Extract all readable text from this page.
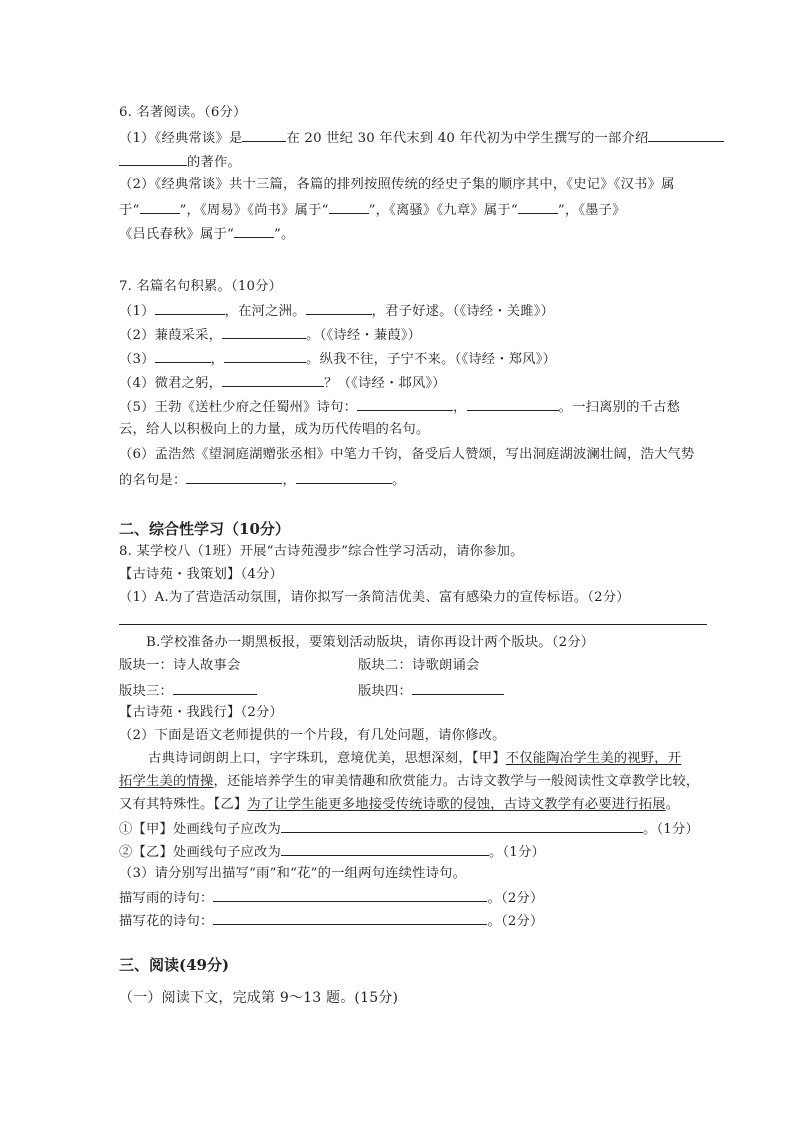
6. 名著阅读。（6分）
（1）《经典常谈》是	在 20 世纪 30 年代末到 40 年代初为中学生撰写的一部介绍
的著作。
（2）《经典常谈》共十三篇，各篇的排列按照传统的经史子集的顺序其中，《史记》《汉书》属
于“	”，《周易》《尚书》属于“	”，《离骚》《九章》属于“	”，《墨子》
《吕氏春秋》属于“	”。
7. 名篇名句积累。（10分）
（1）	，在河之洲。	，君子好逑。（《诗经・关雎》）
（2）蒹葭采采，	。（《诗经・蒹葭》）
（3）	，	。纵我不往，子宁不来。（《诗经・郑风》）
（4）微君之躬，	？（《诗经・邶风》）
（5）王勃《送杜少府之任蜀州》诗句：	，	。一扫离别的千古愁
云，给人以积极向上的力量，成为历代传唱的名句。
（6）孟浩然《望洞庭湖赠张丞相》中笔力千钧，备受后人赞颂，写出洞庭湖波澜壮阔，浩大气势
的名句是：	，	。
二、综合性学习（10分）
8. 某学校八（1班）开展“古诗苑漫步”综合性学习活动，请你参加。
【古诗苑・我策划】（4分）
（1）A.为了营造活动氛围，请你拟写一条简洁优美、富有感染力的宣传标语。（2分）
B.学校准备办一期黑板报，要策划活动版块，请你再设计两个版块。（2分）
版块一：诗人故事会	版块二：诗歌朗诵会
版块三：	版块四：
【古诗苑・我践行】（2分）
（2）下面是语文老师提供的一个片段，有几处问题，请你修改。
古典诗词朗朗上口，字字珠玑，意境优美，思想深刻，【甲】不仅能陶冶学生美的视野，开
拓学生美的情操，还能培养学生的审美情趣和欣赏能力。古诗文教学与一般阅读性文章教学比较，
又有其特殊性。【乙】为了让学生能更多地接受传统诗歌的侵蚀，古诗文教学有必要进行拓展。
①【甲】处画线句子应改为	。（1分）
②【乙】处画线句子应改为	。（1分）
（3）请分别写出描写“雨”和“花”的一组两句连续性诗句。
描写雨的诗句：	。（2分）
描写花的诗句：	。（2分）
三、阅读(49分)
（一）阅读下文，完成第 9～13 题。(15分)
